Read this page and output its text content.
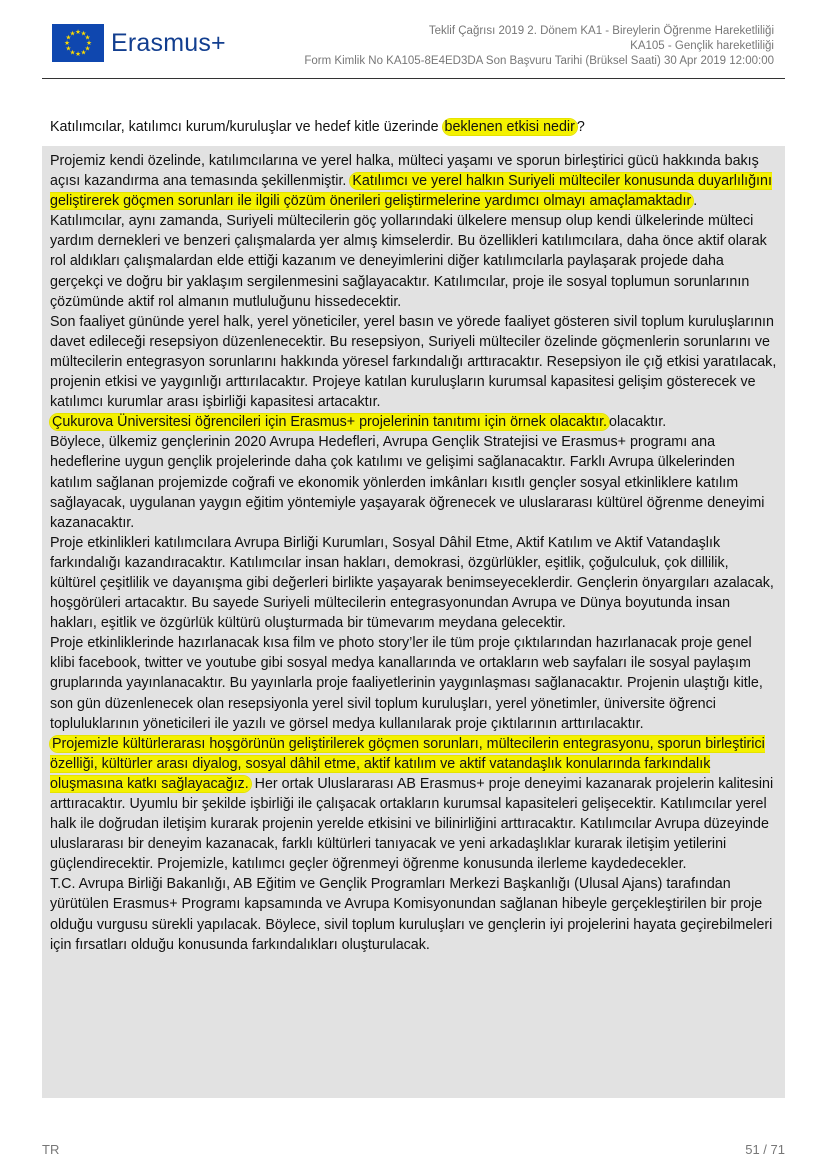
★
★
★
★
★
★
★
★
★ ★ ★
★ Erasmus+	Teklif Çağrısı 2019 2. Dönem KA1 - Bireylerin Öğrenme Hareketliliği
KA105 - Gençlik hareketliliği
Form Kimlik No KA105-8E4ED3DA Son Başvuru Tarihi (Brüksel Saati) 30 Apr 2019 12:00:00
Katılımcılar, katılımcı kurum/kuruluşlar ve hedef kitle üzerinde beklenen etkisi nedir ?

Projemiz kendi özelinde, katılımcılarına ve yerel halka, mülteci yaşamı ve sporun birleştirici gücü hakkında bakış açısı kazandırma ana temasında şekillenmiştir. Katılımcı ve yerel halkın Suriyeli mülteciler konusunda duyarlılığını geliştirerek göçmen sorunları ile ilgili çözüm önerileri geliştirmelerine yardımcı olmayı amaçlamaktadır .

Katılımcılar, aynı zamanda, Suriyeli mültecilerin göç yollarındaki ülkelere mensup olup kendi ülkelerinde mülteci yardım dernekleri ve benzeri çalışmalarda yer almış kimselerdir. Bu özellikleri katılımcılara, daha önce aktif olarak rol aldıkları çalışmalardan elde ettiği kazanım ve deneyimlerini diğer katılımcılarla paylaşarak projede daha gerçekçi ve doğru bir yaklaşım sergilenmesini sağlayacaktır. Katılımcılar, proje ile sosyal toplumun sorunlarının çözümünde aktif rol almanın mutluluğunu hissedecektir.

Son faaliyet gününde yerel halk, yerel yöneticiler, yerel basın ve yörede faaliyet gösteren sivil toplum kuruluşlarının davet edileceği resepsiyon düzenlenecektir. Bu resepsiyon, Suriyeli mülteciler özelinde göçmenlerin sorunlarını ve mültecilerin entegrasyon sorunlarını hakkında yöresel farkındalığı arttıracaktır. Resepsiyon ile çığ etkisi yaratılacak, projenin etkisi ve yaygınlığı arttırılacaktır. Projeye katılan kuruluşların kurumsal kapasitesi gelişim gösterecek ve katılımcı kurumlar arası işbirliği kapasitesi artacaktır.

Çukurova Üniversitesi öğrencileri için Erasmus+ projelerinin tanıtımı için örnek olacaktır. olacaktır.

Böylece, ülkemiz gençlerinin 2020 Avrupa Hedefleri, Avrupa Gençlik Stratejisi ve Erasmus+ programı ana hedeflerine uygun gençlik projelerinde daha çok katılımı ve gelişimi sağlanacaktır. Farklı Avrupa ülkelerinden katılım sağlanan projemizde coğrafi ve ekonomik yönlerden imkânları kısıtlı gençler sosyal etkinliklere katılım sağlayacak, uygulanan yaygın eğitim yöntemiyle yaşayarak öğrenecek ve uluslararası kültürel öğrenme deneyimi kazanacaktır.

Proje etkinlikleri katılımcılara Avrupa Birliği Kurumları, Sosyal Dâhil Etme, Aktif Katılım ve Aktif Vatandaşlık farkındalığı kazandıracaktır. Katılımcılar insan hakları, demokrasi, özgürlükler, eşitlik, çoğulculuk, çok dillilik, kültürel çeşitlilik ve dayanışma gibi değerleri birlikte yaşayarak benimseyeceklerdir. Gençlerin önyargıları azalacak, hoşgörüleri artacaktır. Bu sayede Suriyeli mültecilerin entegrasyonundan Avrupa ve Dünya boyutunda insan hakları, eşitlik ve özgürlük kültürü oluşturmada bir tümevarım meydana gelecektir.

Proje etkinliklerinde hazırlanacak kısa film ve photo story’ler ile tüm proje çıktılarından hazırlanacak proje genel klibi facebook, twitter ve youtube gibi sosyal medya kanallarında ve ortakların web sayfaları ile sosyal paylaşım gruplarında yayınlanacaktır. Bu yayınlarla proje faaliyetlerinin yaygınlaşması sağlanacaktır. Projenin ulaştığı kitle, son gün düzenlenecek olan resepsiyonla yerel sivil toplum kuruluşları, yerel yönetimler, üniversite öğrenci topluluklarının yöneticileri ile yazılı ve görsel medya kullanılarak proje çıktılarının arttırılacaktır.

Projemizle kültürlerarası hoşgörünün geliştirilerek göçmen sorunları, mültecilerin entegrasyonu, sporun birleştirici özelliği, kültürler arası diyalog, sosyal dâhil etme, aktif katılım ve aktif vatandaşlık konularında farkındalık oluşmasına katkı sağlayacağız. Her ortak Uluslararası AB Erasmus+ proje deneyimi kazanarak projelerin kalitesini arttıracaktır. Uyumlu bir şekilde işbirliği ile çalışacak ortakların kurumsal kapasiteleri gelişecektir. Katılımcılar yerel halk ile doğrudan iletişim kurarak projenin yerelde etkisini ve bilinirliğini arttıracaktır. Katılımcılar Avrupa düzeyinde uluslararası bir deneyim kazanacak, farklı kültürleri tanıyacak ve yeni arkadaşlıklar kurarak iletişim yetilerini güçlendirecektir. Projemizle, katılımcı geçler öğrenmeyi öğrenme konusunda ilerleme kaydedecekler.

T.C. Avrupa Birliği Bakanlığı, AB Eğitim ve Gençlik Programları Merkezi Başkanlığı (Ulusal Ajans) tarafından yürütülen Erasmus+ Programı kapsamında ve Avrupa Komisyonundan sağlanan hibeyle gerçekleştirilen bir proje olduğu vurgusu sürekli yapılacak. Böylece, sivil toplum kuruluşları ve gençlerin iyi projelerini hayata geçirebilmeleri için fırsatları olduğu konusunda farkındalıkları oluşturulacak.

TR	51 / 71
